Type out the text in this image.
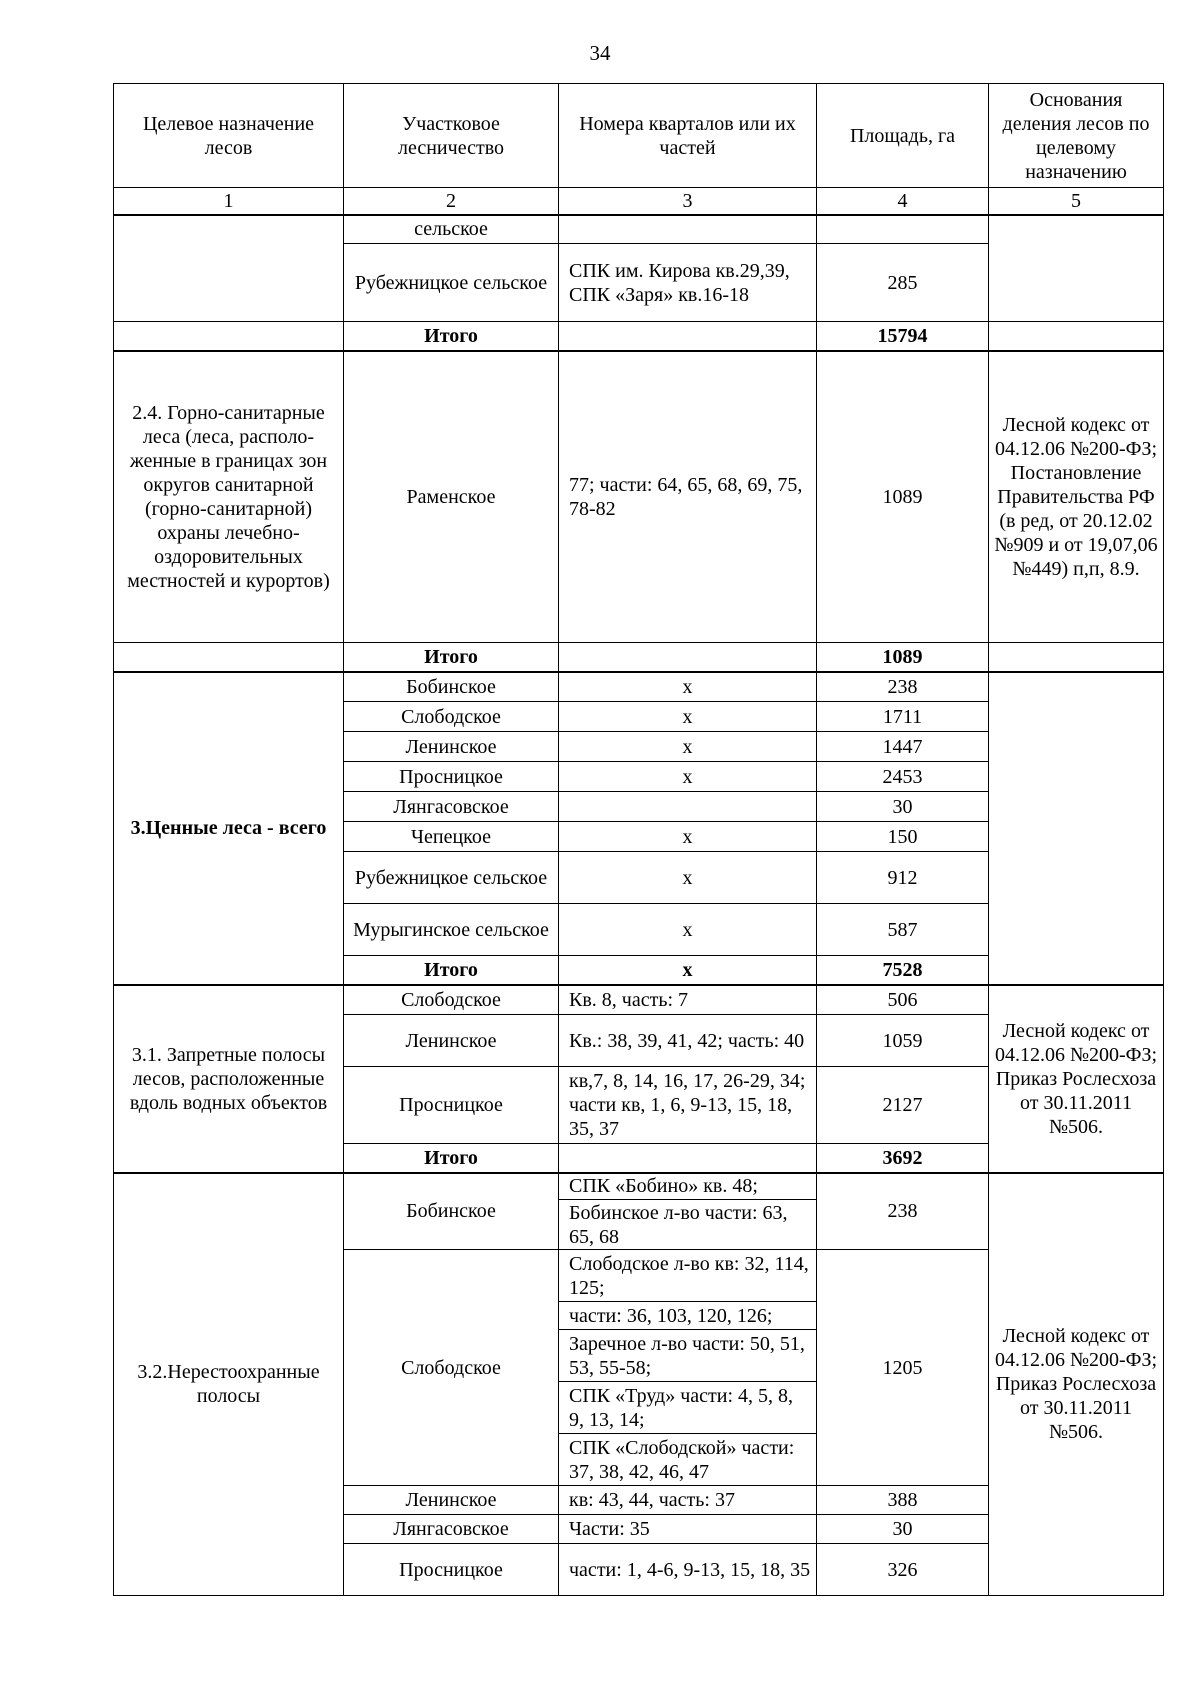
34
Целевое назначение лесов	Участковое лесничество	Номера кварталов или их частей	Площадь, га	Основания деления лесов по целевому назначению
1	2	3	4	5
	сельское			
	Рубежницкое сельское	СПК им. Кирова кв.29,39, СПК «Заря» кв.16-18	285	
	Итого		15794	
2.4. Горно-санитарные леса (леса, располо-женные в границах зон округов санитарной (горно-санитарной) охраны лечебно-оздоровительных местностей и курортов)	Раменское	77; части: 64, 65, 68, 69, 75, 78-82	1089	Лесной кодекс от 04.12.06 №200-ФЗ; Постановление Правительства РФ (в ред, от 20.12.02 №909 и от 19,07,06 №449) п,п, 8.9.
	Итого		1089	
3.Ценные леса - всего	Бобинское	x	238	
	Слободское	x	1711	
	Ленинское	x	1447	
	Просницкое	x	2453	
	Лянгасовское		30	
	Чепецкое	x	150	
	Рубежницкое сельское	x	912	
	Мурыгинское сельское	x	587	
	Итого	x	7528	
3.1. Запретные полосы лесов, расположенные вдоль водных объектов	Слободское	Кв. 8, часть: 7	506	Лесной кодекс от 04.12.06 №200-ФЗ; Приказ Рослесхоза от 30.11.2011 №506.
	Ленинское	Кв.: 38, 39, 41, 42; часть: 40	1059	
	Просницкое	кв,7, 8, 14, 16, 17, 26-29, 34; части кв, 1, 6, 9-13, 15, 18, 35, 37	2127	
	Итого		3692	
3.2.Нерестоохранные полосы	Бобинское	СПК «Бобино» кв. 48;	238	Лесной кодекс от 04.12.06 №200-ФЗ; Приказ Рослесхоза от 30.11.2011 №506.
		Бобинское л-во части: 63, 65, 68		
	Слободское	Слободское л-во кв: 32, 114, 125;	1205	
		части: 36, 103, 120, 126;		
		Заречное л-во части: 50, 51, 53, 55-58;		
		СПК «Труд» части: 4, 5, 8, 9, 13, 14;		
		СПК «Слободской» части: 37, 38, 42, 46, 47		
	Ленинское	кв: 43, 44, часть: 37	388	
	Лянгасовское	Части: 35	30	
	Просницкое	части: 1, 4-6, 9-13, 15, 18, 35	326	
